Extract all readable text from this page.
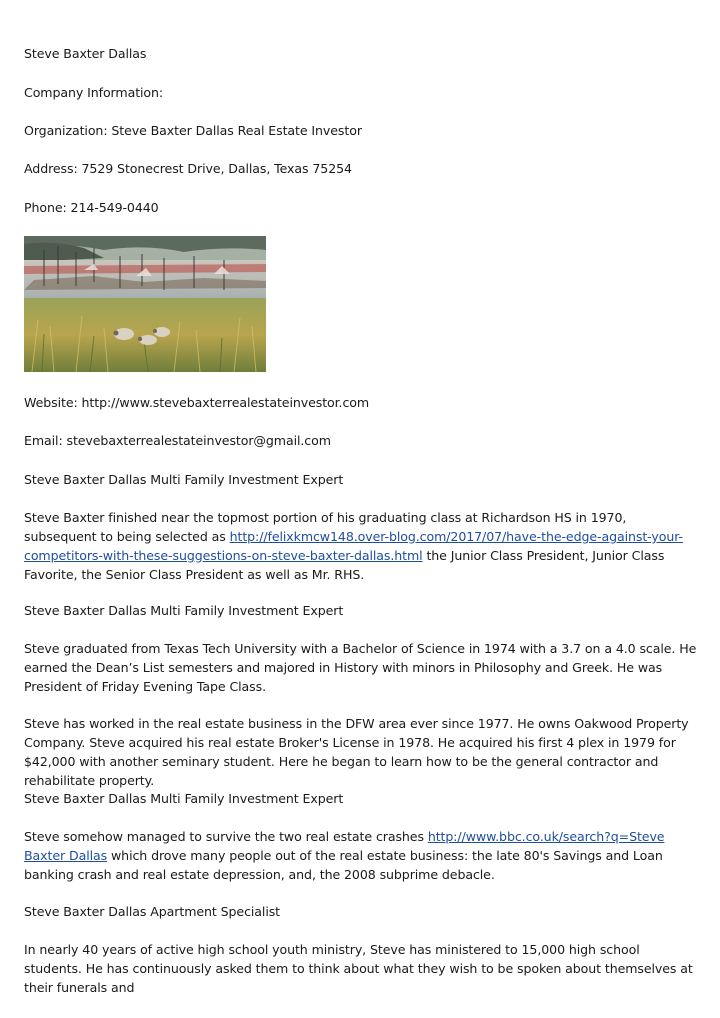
Steve Baxter Dallas

Company Information:

Organization: Steve Baxter Dallas Real Estate Investor

Address: 7529 Stonecrest Drive, Dallas, Texas 75254

Phone: 214-549-0440

Website: http://www.stevebaxterrealestateinvestor.com

Email: stevebaxterrealestateinvestor@gmail.com

Steve Baxter Dallas Multi Family Investment Expert

Steve Baxter finished near the topmost portion of his graduating class at Richardson HS in 1970, subsequent to being selected as http://felixkmcw148.over-blog.com/2017/07/have-the-edge-against-your-competitors-with-these-suggestions-on-steve-baxter-dallas.html the Junior Class President, Junior Class Favorite, the Senior Class President as well as Mr. RHS.

Steve Baxter Dallas Multi Family Investment Expert

Steve graduated from Texas Tech University with a Bachelor of Science in 1974 with a 3.7 on a 4.0 scale. He earned the Dean’s List semesters and majored in History with minors in Philosophy and Greek. He was President of Friday Evening Tape Class.

Steve has worked in the real estate business in the DFW area ever since 1977. He owns Oakwood Property Company. Steve acquired his real estate Broker's License in 1978. He acquired his first 4 plex in 1979 for $42,000 with another seminary student. Here he began to learn how to be the general contractor and rehabilitate property.

Steve Baxter Dallas Multi Family Investment Expert

Steve somehow managed to survive the two real estate crashes http://www.bbc.co.uk/search?q=Steve Baxter Dallas which drove many people out of the real estate business: the late 80's Savings and Loan banking crash and real estate depression, and, the 2008 subprime debacle.

Steve Baxter Dallas Apartment Specialist

In nearly 40 years of active high school youth ministry, Steve has ministered to 15,000 high school students. He has continuously asked them to think about what they wish to be spoken about themselves at their funerals and
